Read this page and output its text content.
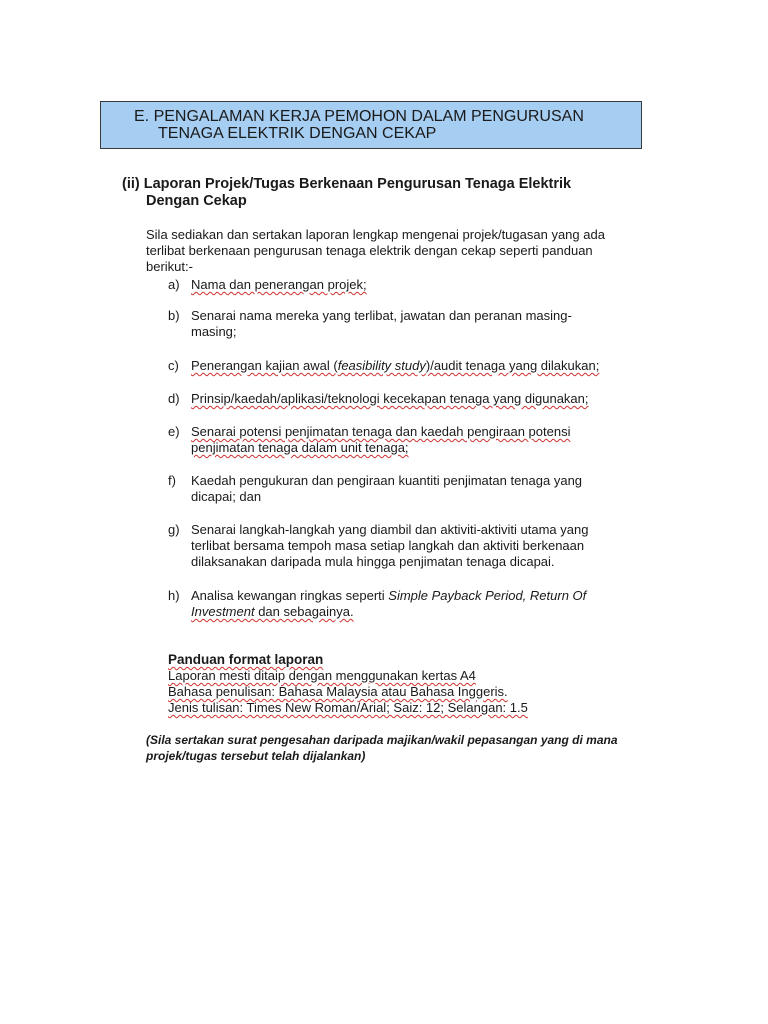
E. PENGALAMAN KERJA PEMOHON DALAM PENGURUSAN
TENAGA ELEKTRIK DENGAN CEKAP
(ii) Laporan Projek/Tugas Berkenaan Pengurusan Tenaga Elektrik
Dengan Cekap
Sila sediakan dan sertakan laporan lengkap mengenai projek/tugasan yang ada
terlibat berkenaan pengurusan tenaga elektrik dengan cekap seperti panduan
berikut:-
a) Nama dan penerangan projek;
b) Senarai nama mereka yang terlibat, jawatan dan peranan masing-
masing;
c) Penerangan kajian awal (feasibility study)/audit tenaga yang dilakukan;
d) Prinsip/kaedah/aplikasi/teknologi kecekapan tenaga yang digunakan;
e) Senarai potensi penjimatan tenaga dan kaedah pengiraan potensi
penjimatan tenaga dalam unit tenaga;
f) Kaedah pengukuran dan pengiraan kuantiti penjimatan tenaga yang
dicapai; dan
g) Senarai langkah-langkah yang diambil dan aktiviti-aktiviti utama yang
terlibat bersama tempoh masa setiap langkah dan aktiviti berkenaan
dilaksanakan daripada mula hingga penjimatan tenaga dicapai.
h) Analisa kewangan ringkas seperti Simple Payback Period, Return Of
Investment dan sebagainya.
Panduan format laporan
Laporan mesti ditaip dengan menggunakan kertas A4
Bahasa penulisan: Bahasa Malaysia atau Bahasa Inggeris.
Jenis tulisan: Times New Roman/Arial; Saiz: 12; Selangan: 1.5
(Sila sertakan surat pengesahan daripada majikan/wakil pepasangan yang di mana
projek/tugas tersebut telah dijalankan)
